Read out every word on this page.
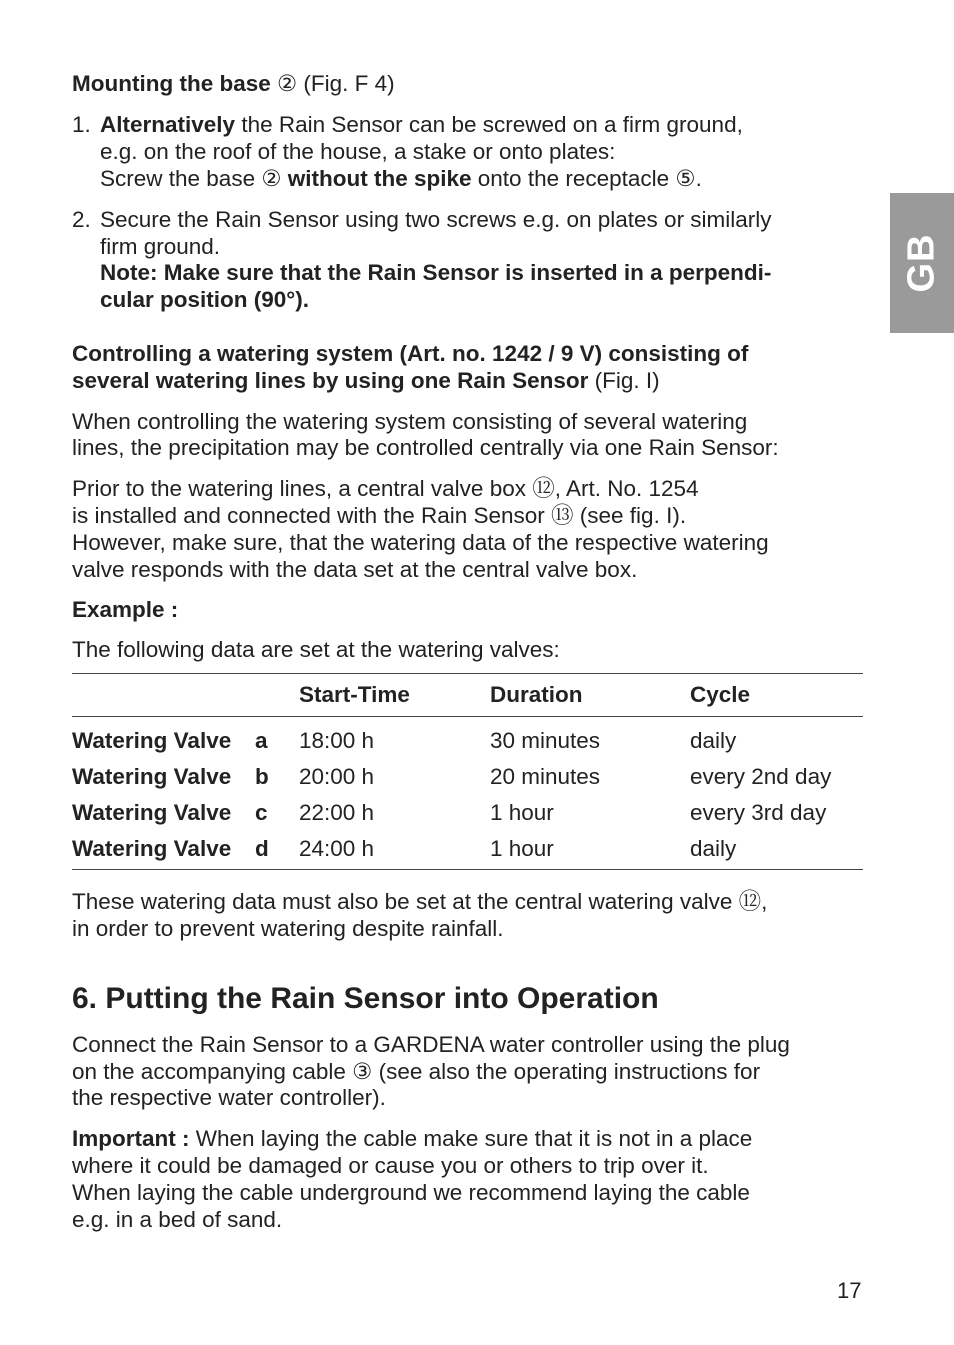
GB
Mounting the base ② (Fig. F 4)
1. Alternatively the Rain Sensor can be screwed on a firm ground,
e.g. on the roof of the house, a stake or onto plates:
Screw the base ② without the spike onto the receptacle ⑤.
2. Secure the Rain Sensor using two screws e.g. on plates or similarly
firm ground.
Note: Make sure that the Rain Sensor is inserted in a perpendi-
cular position (90°).
Controlling a watering system (Art. no. 1242 / 9 V) consisting of
several watering lines by using one Rain Sensor (Fig. I)
When controlling the watering system consisting of several watering
lines, the precipitation may be controlled centrally via one Rain Sensor:
Prior to the watering lines, a central valve box ⑫, Art. No. 1254
is installed and connected with the Rain Sensor ⑬ (see fig. I).
However, make sure, that the watering data of the respective watering
valve responds with the data set at the central valve box.
Example :
The following data are set at the watering valves:
Start-Time	Duration	Cycle
Watering Valve a 18:00 h	30 minutes	daily
Watering Valve b 20:00 h	20 minutes	every 2nd day
Watering Valve c 22:00 h	1 hour	every 3rd day
Watering Valve d 24:00 h	1 hour	daily
These watering data must also be set at the central watering valve ⑫,
in order to prevent watering despite rainfall.
6. Putting the Rain Sensor into Operation
Connect the Rain Sensor to a GARDENA water controller using the plug
on the accompanying cable ③ (see also the operating instructions for
the respective water controller).
Important : When laying the cable make sure that it is not in a place
where it could be damaged or cause you or others to trip over it.
When laying the cable underground we recommend laying the cable
e.g. in a bed of sand.
17
